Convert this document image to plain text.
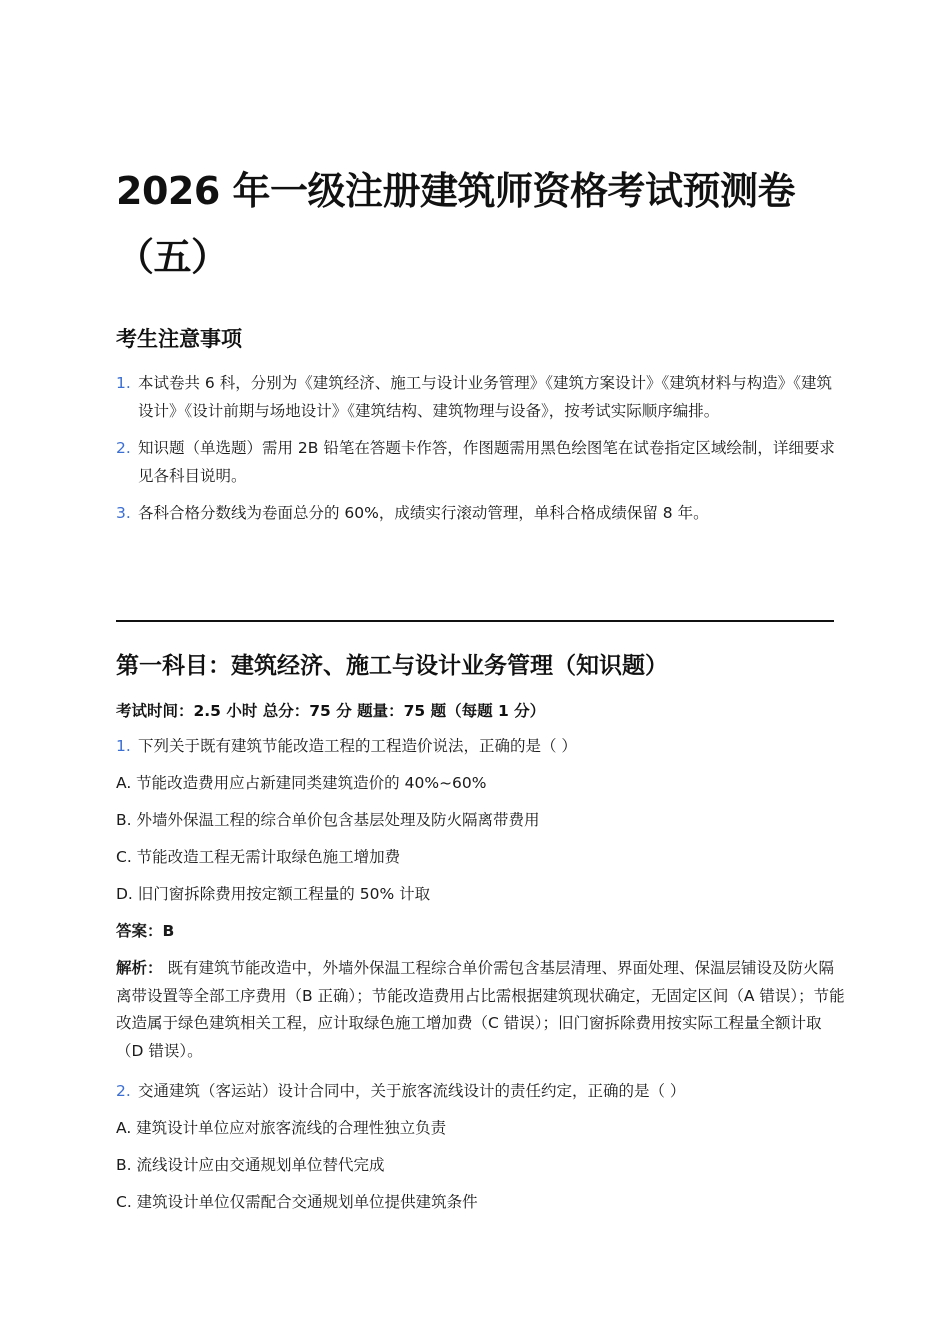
2026 年一级注册建筑师资格考试预测卷（五）
考生注意事项
1. 本试卷共 6 科，分别为《建筑经济、施工与设计业务管理》《建筑方案设计》《建筑材料与构造》《建筑设计》《设计前期与场地设计》《建筑结构、建筑物理与设备》，按考试实际顺序编排。
2. 知识题（单选题）需用 2B 铅笔在答题卡作答，作图题需用黑色绘图笔在试卷指定区域绘制，详细要求见各科目说明。
3. 各科合格分数线为卷面总分的 60%，成绩实行滚动管理，单科合格成绩保留 8 年。
第一科目：建筑经济、施工与设计业务管理（知识题）
考试时间：2.5 小时 总分：75 分 题量：75 题（每题 1 分）
1. 下列关于既有建筑节能改造工程的工程造价说法，正确的是（ ）
A. 节能改造费用应占新建同类建筑造价的 40%~60%
B. 外墙外保温工程的综合单价包含基层处理及防火隔离带费用
C. 节能改造工程无需计取绿色施工增加费
D. 旧门窗拆除费用按定额工程量的 50% 计取
答案：B
解析： 既有建筑节能改造中，外墙外保温工程综合单价需包含基层清理、界面处理、保温层铺设及防火隔离带设置等全部工序费用（B 正确）；节能改造费用占比需根据建筑现状确定，无固定区间（A 错误）；节能改造属于绿色建筑相关工程，应计取绿色施工增加费（C 错误）；旧门窗拆除费用按实际工程量全额计取（D 错误）。
2. 交通建筑（客运站）设计合同中，关于旅客流线设计的责任约定，正确的是（ ）
A. 建筑设计单位应对旅客流线的合理性独立负责
B. 流线设计应由交通规划单位替代完成
C. 建筑设计单位仅需配合交通规划单位提供建筑条件
